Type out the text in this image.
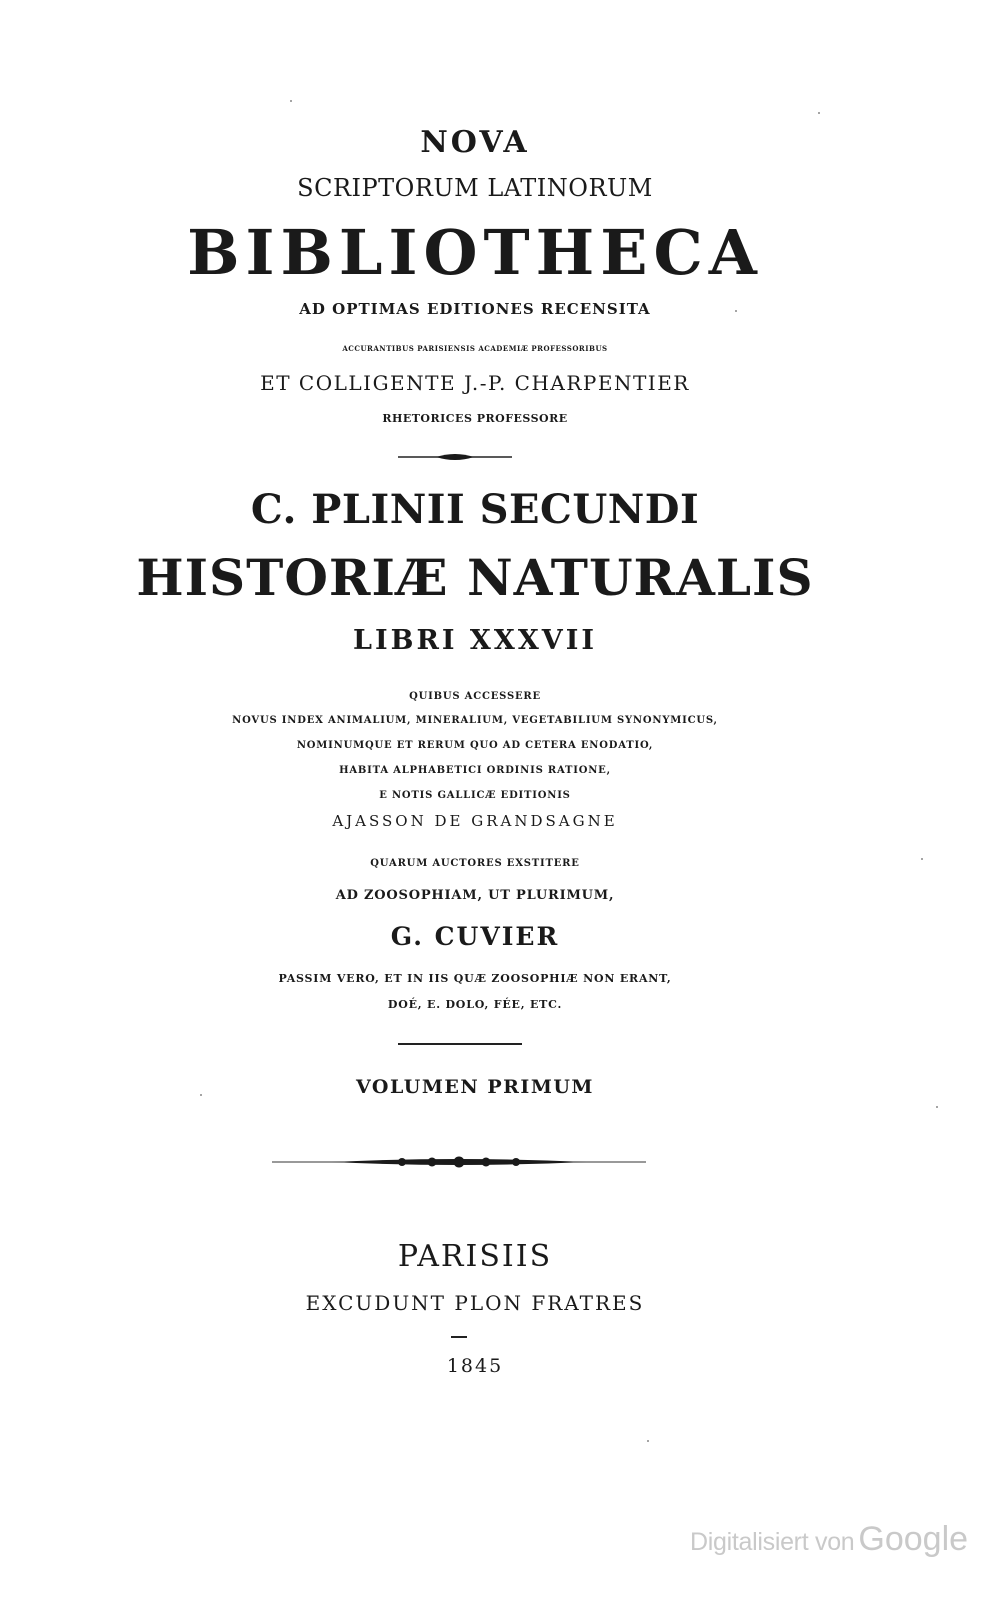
NOVA
SCRIPTORUM LATINORUM
BIBLIOTHECA
AD OPTIMAS EDITIONES RECENSITA
ACCURANTIBUS PARISIENSIS ACADEMIÆ PROFESSORIBUS
ET COLLIGENTE J.-P. CHARPENTIER
RHETORICES PROFESSORE
C. PLINII SECUNDI
HISTORIÆ NATURALIS
LIBRI XXXVII
QUIBUS ACCESSERE
NOVUS INDEX ANIMALIUM, MINERALIUM, VEGETABILIUM SYNONYMICUS,
NOMINUMQUE ET RERUM QUO AD CETERA ENODATIO,
HABITA ALPHABETICI ORDINIS RATIONE,
E NOTIS GALLICÆ EDITIONIS
AJASSON DE GRANDSAGNE
QUARUM AUCTORES EXSTITERE
AD ZOOSOPHIAM, UT PLURIMUM,
G. CUVIER
PASSIM VERO, ET IN IIS QUÆ ZOOSOPHIÆ NON ERANT,
DOÉ, E. DOLO, FÉE, ETC.
VOLUMEN PRIMUM
PARISIIS
EXCUDUNT PLON FRATRES
1845
Digitalisiert von Google
